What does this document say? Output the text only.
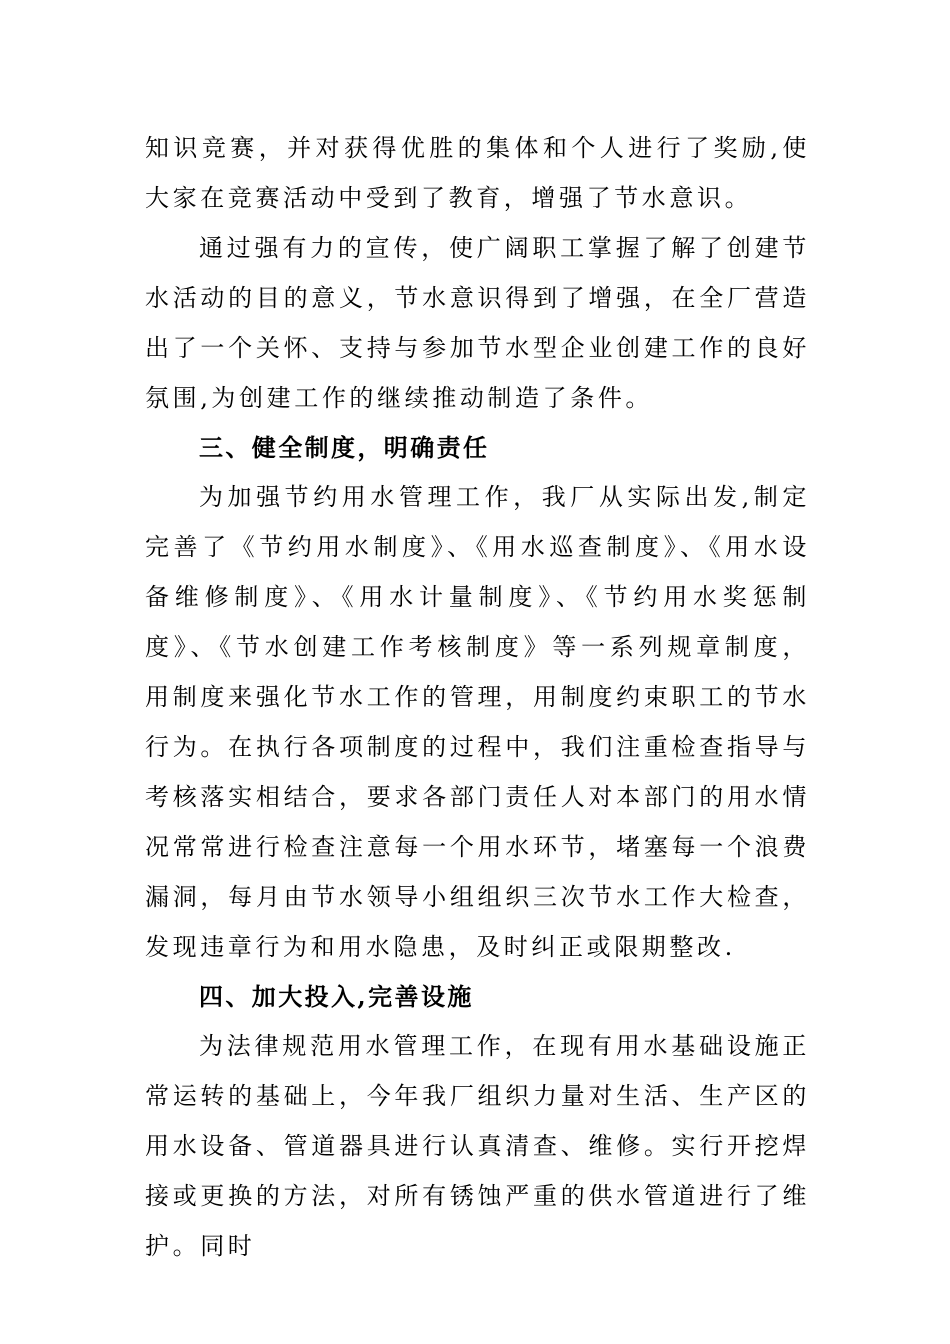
知识竞赛，并对获得优胜的集体和个人进行了奖励,使大家在竞赛活动中受到了教育，增强了节水意识。

通过强有力的宣传，使广阔职工掌握了解了创建节水活动的目的意义，节水意识得到了增强，在全厂营造出了一个关怀、支持与参加节水型企业创建工作的良好氛围,为创建工作的继续推动制造了条件。

三、健全制度，明确责任

为加强节约用水管理工作，我厂从实际出发,制定完善了《节约用水制度》、《用水巡查制度》、《用水设备维修制度》、《用水计量制度》、《节约用水奖惩制度》、《节水创建工作考核制度》等一系列规章制度，用制度来强化节水工作的管理，用制度约束职工的节水行为。在执行各项制度的过程中，我们注重检查指导与考核落实相结合，要求各部门责任人对本部门的用水情况常常进行检查注意每一个用水环节，堵塞每一个浪费漏洞，每月由节水领导小组组织三次节水工作大检查，发现违章行为和用水隐患，及时纠正或限期整改.

四、加大投入,完善设施

为法律规范用水管理工作，在现有用水基础设施正常运转的基础上，今年我厂组织力量对生活、生产区的用水设备、管道器具进行认真清查、维修。实行开挖焊接或更换的方法，对所有锈蚀严重的供水管道进行了维护。同时
